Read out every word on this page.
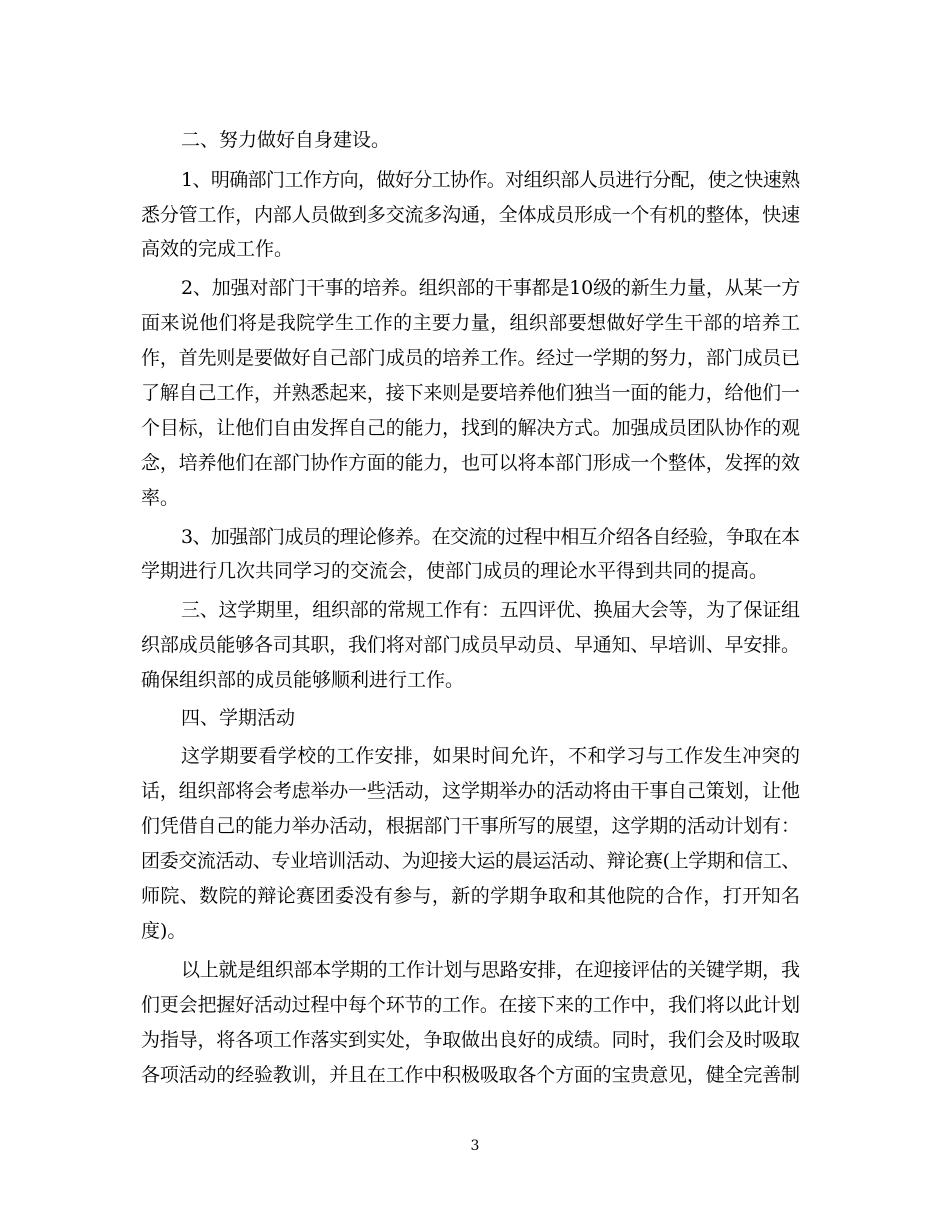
二、努力做好自身建设。
1、明确部门工作方向，做好分工协作。对组织部人员进行分配，使之快速熟
悉分管工作，内部人员做到多交流多沟通，全体成员形成一个有机的整体，快速
高效的完成工作。
2、加强对部门干事的培养。组织部的干事都是10级的新生力量，从某一方
面来说他们将是我院学生工作的主要力量，组织部要想做好学生干部的培养工
作，首先则是要做好自己部门成员的培养工作。经过一学期的努力，部门成员已
了解自己工作，并熟悉起来，接下来则是要培养他们独当一面的能力，给他们一
个目标，让他们自由发挥自己的能力，找到的解决方式。加强成员团队协作的观
念，培养他们在部门协作方面的能力，也可以将本部门形成一个整体，发挥的效
率。
3、加强部门成员的理论修养。在交流的过程中相互介绍各自经验，争取在本
学期进行几次共同学习的交流会，使部门成员的理论水平得到共同的提高。
三、这学期里，组织部的常规工作有：五四评优、换届大会等，为了保证组
织部成员能够各司其职，我们将对部门成员早动员、早通知、早培训、早安排。
确保组织部的成员能够顺利进行工作。
四、学期活动
这学期要看学校的工作安排，如果时间允许，不和学习与工作发生冲突的
话，组织部将会考虑举办一些活动，这学期举办的活动将由干事自己策划，让他
们凭借自己的能力举办活动，根据部门干事所写的展望，这学期的活动计划有：
团委交流活动、专业培训活动、为迎接大运的晨运活动、辩论赛(上学期和信工、
师院、数院的辩论赛团委没有参与，新的学期争取和其他院的合作，打开知名
度)。
以上就是组织部本学期的工作计划与思路安排，在迎接评估的关键学期，我
们更会把握好活动过程中每个环节的工作。在接下来的工作中，我们将以此计划
为指导，将各项工作落实到实处，争取做出良好的成绩。同时，我们会及时吸取
各项活动的经验教训，并且在工作中积极吸取各个方面的宝贵意见，健全完善制
3
